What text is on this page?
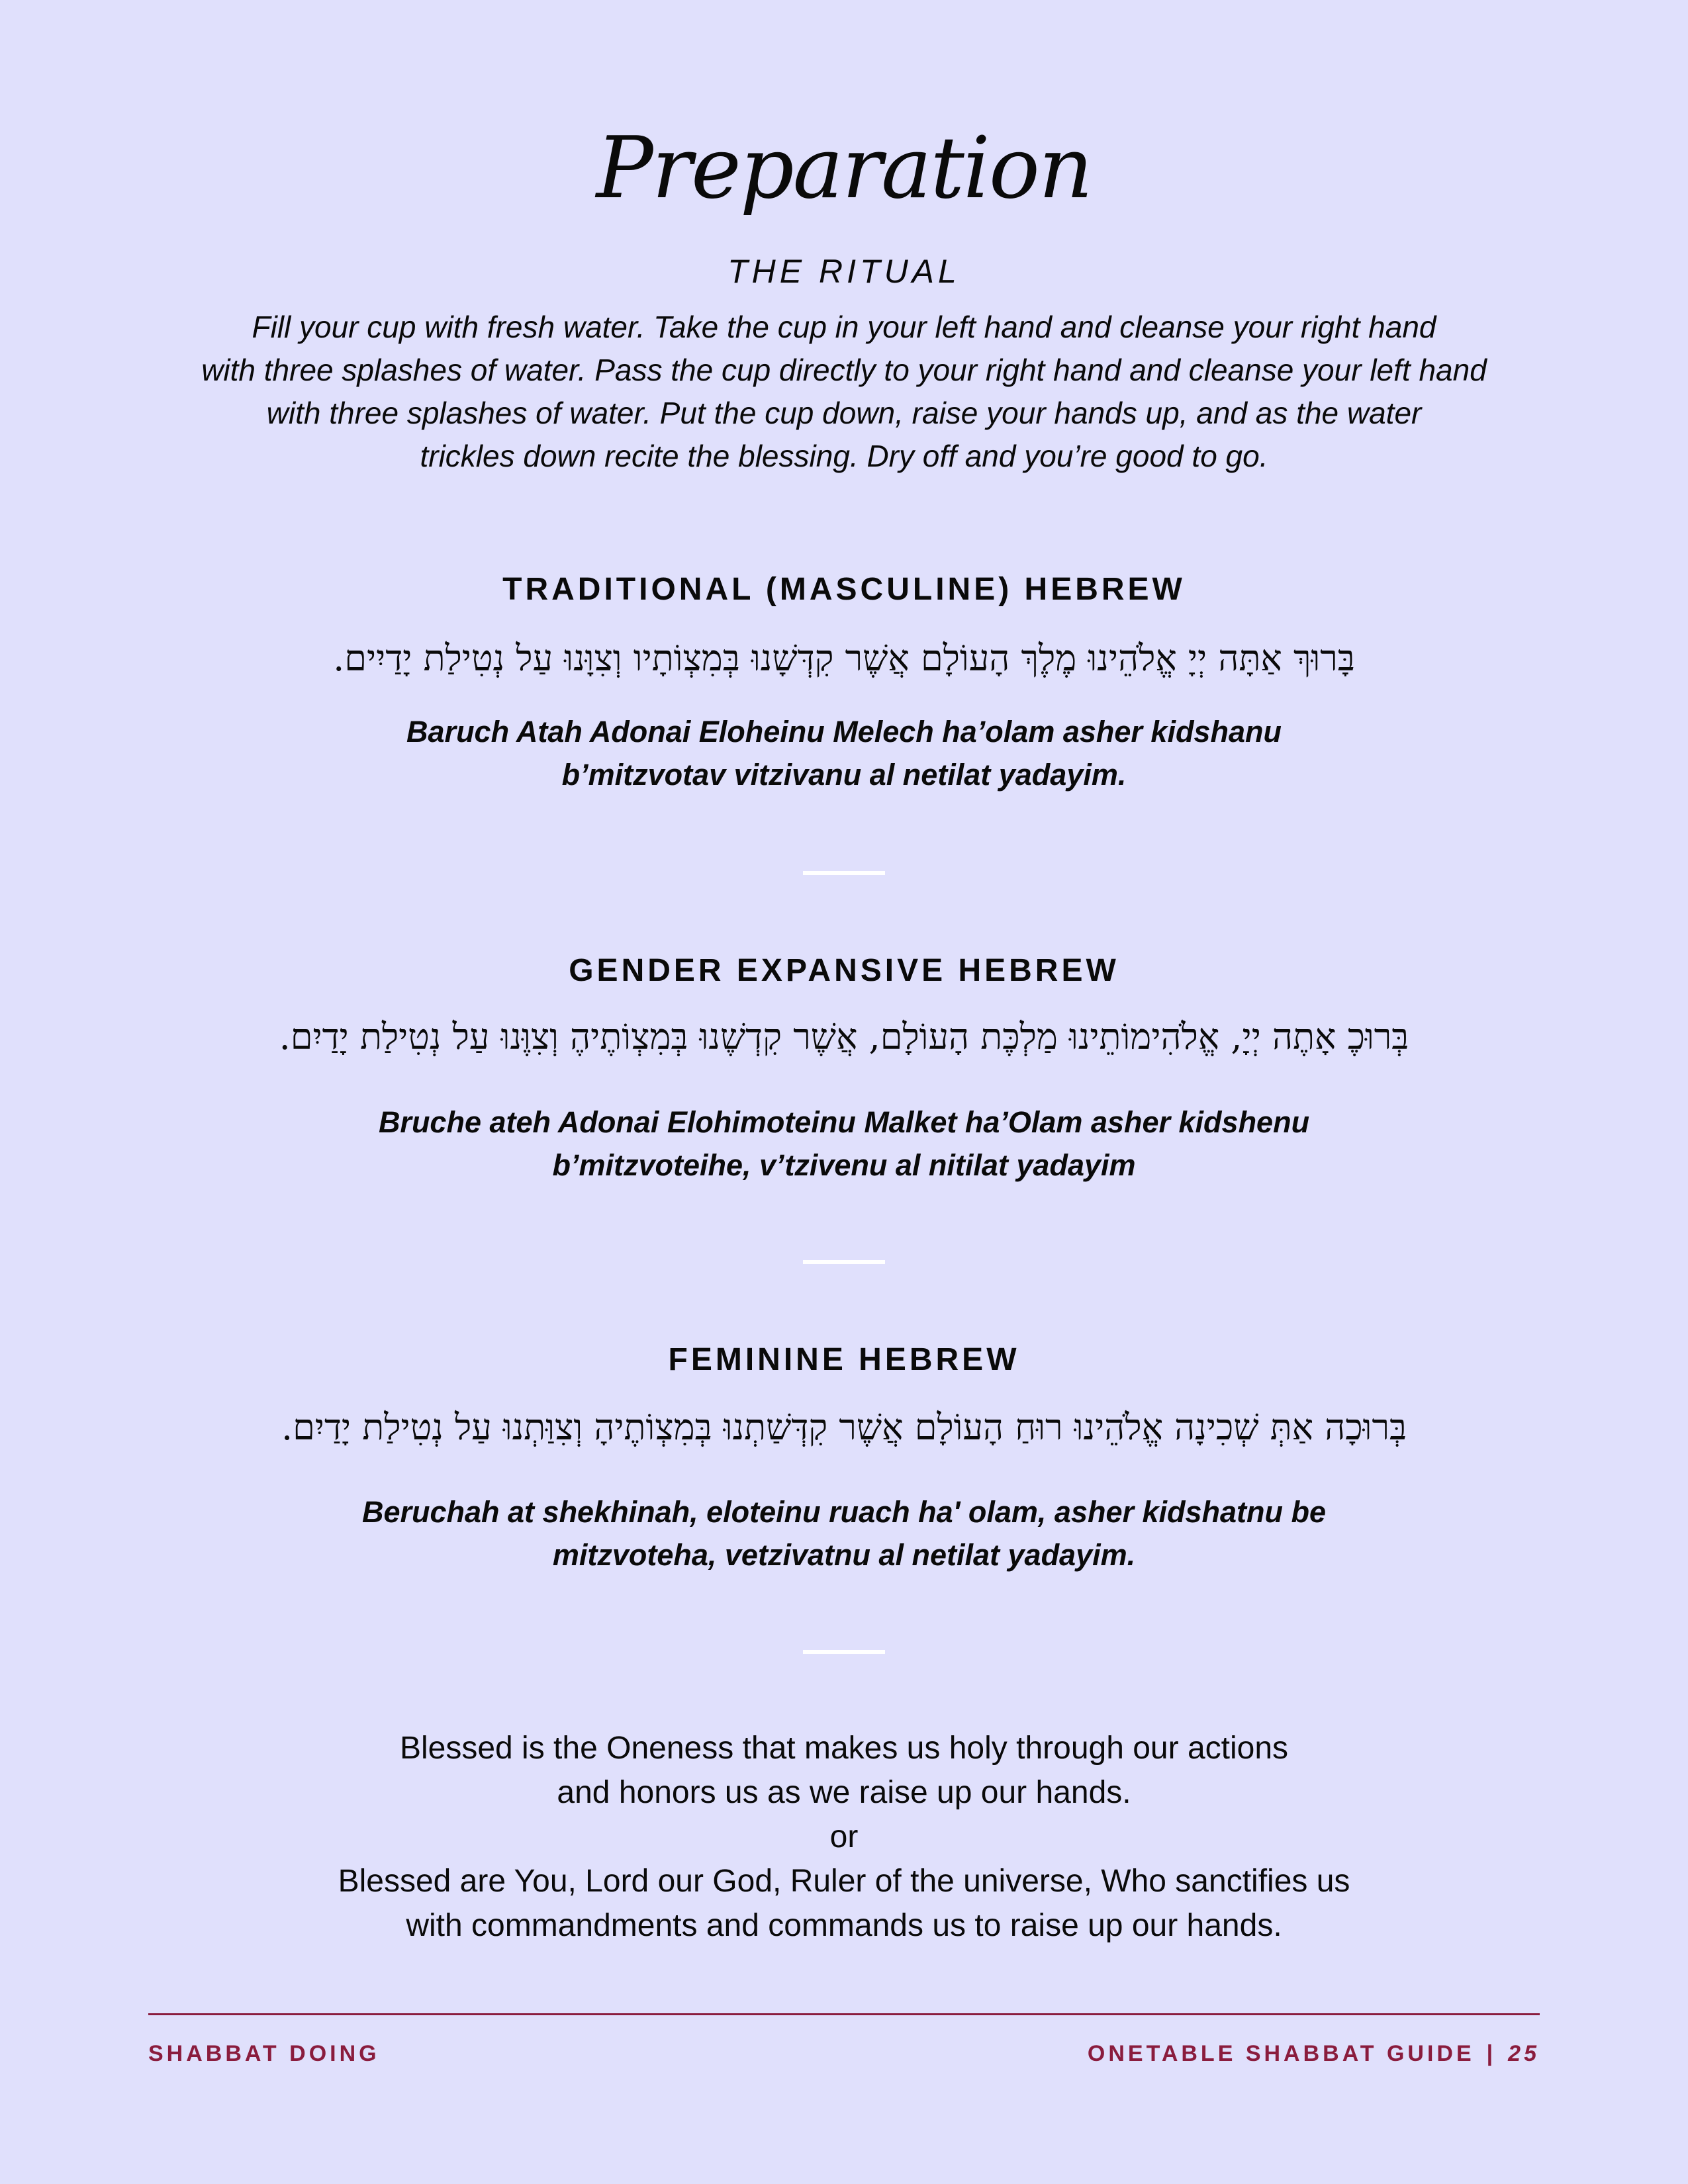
Preparation
THE RITUAL
Fill your cup with fresh water. Take the cup in your left hand and cleanse your right hand
with three splashes of water. Pass the cup directly to your right hand and cleanse your left hand
with three splashes of water. Put the cup down, raise your hands up, and as the water
trickles down recite the blessing. Dry off and you’re good to go.
TRADITIONAL (MASCULINE) HEBREW
בָּרוּךְ אַתָּה יְיָ אֱלֹהֵינוּ מֶלֶךְ הָעוֹלָם אֲשֶׁר קִדְּשָׁנוּ בְּמִצְוֹתָיו וְצִוָּנוּ עַל נְטִילַת יָדַיִים.
Baruch Atah Adonai Eloheinu Melech ha’olam asher kidshanu
b’mitzvotav vitzivanu al netilat yadayim.
GENDER EXPANSIVE HEBREW
בְּרוּכֶ אָתֶה יְיָ, אֱלֹהִימוֹתֵינוּ מַלְכֶּת הָעוֹלָם, אֲשֶׁר קִדְשֶׁנוּ בְּמִצְוֹתֶיהֶ וְצִוֶּנוּ עַל נְטִילַת יָדַיִם.
Bruche ateh Adonai Elohimoteinu Malket ha’Olam asher kidshenu
b’mitzvoteihe, v’tzivenu al nitilat yadayim
FEMININE HEBREW
בְּרוּכָה אַתְּ שְׁכִינָה אֱלֹהֵינוּ רוּחַ הָעוֹלָם אֲשֶׁר קִדְּשַׁתְנוּ בְּמִצְוֹתֶיהָ וְצִוַּתְנוּ עַל נְטִילַת יָדַיִם.
Beruchah at shekhinah, eloteinu ruach ha' olam, asher kidshatnu be
mitzvoteha, vetzivatnu al netilat yadayim.
Blessed is the Oneness that makes us holy through our actions
and honors us as we raise up our hands.
or
Blessed are You, Lord our God, Ruler of the universe, Who sanctifies us
with commandments and commands us to raise up our hands.
SHABBAT DOING	ONETABLE SHABBAT GUIDE | 25
